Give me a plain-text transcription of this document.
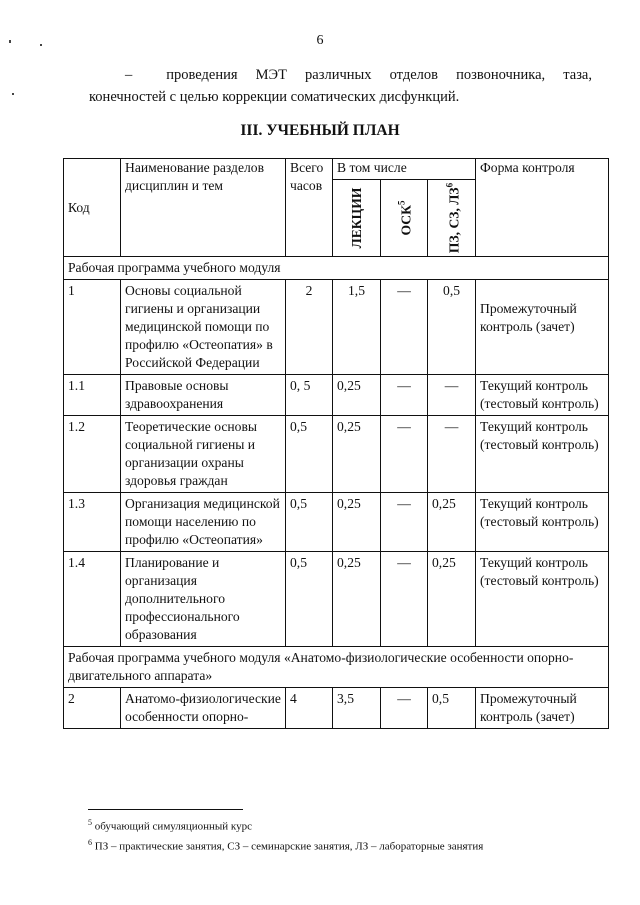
6
– проведения МЭТ различных отделов позвоночника, таза,
конечностей с целью коррекции соматических дисфункций.
III. УЧЕБНЫЙ ПЛАН
Код	Наименование разделов дисциплин и тем	Всего часов	В том числе			Форма контроля

			ЛЕКЦИИ	ОСК$^5$	ПЗ, СЗ, $ЛЗ^6$

Рабочая программа учебного модуля						
1	Основы социальной гигиены и организации медицинской помощи по профилю «Остеопатия» в Российской Федерации	2	1,5	—	0,5	Промежуточный контроль (зачет)
1.1	Правовые основы здравоохранения	0, 5	0,25	—	—	Текущий контроль (тестовый контроль)
1.2	Теоретические основы социальной гигиены и организации охраны здоровья граждан	0,5	0,25	—	—	Текущий контроль (тестовый контроль)
1.3	Организация медицинской помощи населению по профилю «Остеопатия»	0,5	0,25	—	0,25	Текущий контроль (тестовый контроль)
1.4	Планирование и организация дополнительного профессионального образования	0,5	0,25	—	0,25	Текущий контроль (тестовый контроль)
Рабочая программа учебного модуля «Анатомо-физиологические особенности опорно-двигательного аппарата»						
2	Анатомо-физиологические особенности опорно-	4	3,5	—	0,5	Промежуточный контроль (зачет)
$^5$ обучающий симуляционный курс
$^6$ ПЗ – практические занятия, СЗ – семинарские занятия, ЛЗ – лабораторные занятия
